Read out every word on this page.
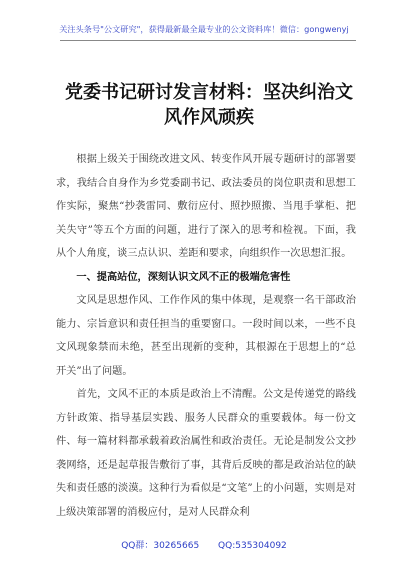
关注头条号"公文研究"，获得最新最全最专业的公文资料库！微信：gongwenyj
党委书记研讨发言材料：坚决纠治文风作风顽疾

根据上级关于围绕改进文风、转变作风开展专题研讨的部署要求，我结合自身作为乡党委副书记、政法委员的岗位职责和思想工作实际，聚焦“抄袭雷同、敷衍应付、照抄照搬、当甩手掌柜、把关失守”等五个方面的问题，进行了深入的思考和检视。下面，我从个人角度，谈三点认识、差距和要求，向组织作一次思想汇报。

一、提高站位，深刻认识文风不正的极端危害性

文风是思想作风、工作作风的集中体现，是观察一名干部政治能力、宗旨意识和责任担当的重要窗口。一段时间以来，一些不良文风现象禁而未绝，甚至出现新的变种，其根源在于思想上的“总开关”出了问题。

首先，文风不正的本质是政治上不清醒。公文是传递党的路线方针政策、指导基层实践、服务人民群众的重要载体。每一份文件、每一篇材料都承载着政治属性和政治责任。无论是制发公文抄袭网络，还是起草报告敷衍了事，其背后反映的都是政治站位的缺失和责任感的淡漠。这种行为看似是“文笔”上的小问题，实则是对上级决策部署的消极应付，是对人民群众利

QQ群：30265665 QQ:535304092
